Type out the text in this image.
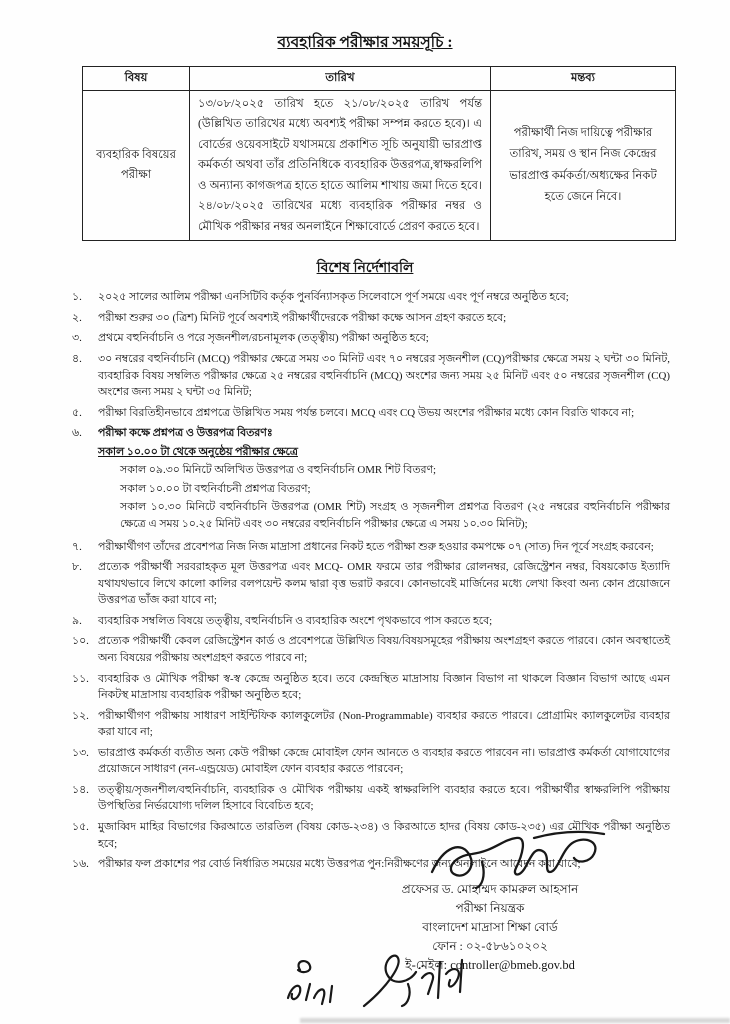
ব্যবহারিক পরীক্ষার সময়সূচি :
বিষয়	তারিখ	মন্তব্য
ব্যবহারিক বিষয়ের পরীক্ষা	১৩/০৮/২০২৫ তারিখ হতে ২১/০৮/২০২৫ তারিখ পর্যন্ত (উল্লিখিত তারিখের মধ্যে অবশ্যই পরীক্ষা সম্পন্ন করতে হবে)। এ বোর্ডের ওয়েবসাইটে যথাসময়ে প্রকাশিত সূচি অনুযায়ী ভারপ্রাপ্ত কর্মকর্তা অথবা তাঁর প্রতিনিধিকে ব্যবহারিক উত্তরপত্র,স্বাক্ষরলিপি ও অন্যান্য কাগজপত্র হাতে হাতে আলিম শাখায় জমা দিতে হবে। ২৪/০৮/২০২৫ তারিখের মধ্যে ব্যবহারিক পরীক্ষার নম্বর ও মৌখিক পরীক্ষার নম্বর অনলাইনে শিক্ষাবোর্ডে প্রেরণ করতে হবে।	পরীক্ষার্থী নিজ দায়িত্বে পরীক্ষার তারিখ, সময় ও স্থান নিজ কেন্দ্রের ভারপ্রাপ্ত কর্মকর্তা/অধ্যক্ষের নিকট হতে জেনে নিবে।
বিশেষ নির্দেশাবলি
১.	২০২৫ সালের আলিম পরীক্ষা এনসিটিবি কর্তৃক পুনর্বিন্যাসকৃত সিলেবাসে পূর্ণ সময়ে এবং পূর্ণ নম্বরে অনুষ্ঠিত হবে;
২.	পরীক্ষা শুরুর ৩০ (ত্রিশ) মিনিট পূর্বে অবশ্যই পরীক্ষার্থীদেরকে পরীক্ষা কক্ষে আসন গ্রহণ করতে হবে;
৩.	প্রথমে বহুনির্বাচনি ও পরে সৃজনশীল/রচনামূলক (তত্ত্বীয়) পরীক্ষা অনুষ্ঠিত হবে;
৪.	৩০ নম্বরের বহুনির্বাচনি (MCQ) পরীক্ষার ক্ষেত্রে সময় ৩০ মিনিট এবং ৭০ নম্বরের সৃজনশীল (CQ)পরীক্ষার ক্ষেত্রে সময় ২ ঘন্টা ৩০ মিনিট, ব্যবহারিক বিষয় সম্বলিত পরীক্ষার ক্ষেত্রে ২৫ নম্বরের বহুনির্বাচনি (MCQ) অংশের জন্য সময় ২৫ মিনিট এবং ৫০ নম্বরের সৃজনশীল (CQ) অংশের জন্য সময় ২ ঘন্টা ৩৫ মিনিট;
৫.	পরীক্ষা বিরতিহীনভাবে প্রশ্নপত্রে উল্লিখিত সময় পর্যন্ত চলবে। MCQ এবং CQ উভয় অংশের পরীক্ষার মধ্যে কোন বিরতি থাকবে না;
৬.	পরীক্ষা কক্ষে প্রশ্নপত্র ও উত্তরপত্র বিতরণঃ
সকাল ১০.০০ টা থেকে অনুষ্ঠেয় পরীক্ষার ক্ষেত্রে
সকাল ০৯.৩০ মিনিটে অলিখিত উত্তরপত্র ও বহুনির্বাচনি OMR শিট বিতরণ;
সকাল ১০.০০ টা বহুনির্বাচনী প্রশ্নপত্র বিতরণ;
সকাল ১০.৩০ মিনিটে বহুনির্বাচনি উত্তরপত্র (OMR শিট) সংগ্রহ ও সৃজনশীল প্রশ্নপত্র বিতরণ (২৫ নম্বরের বহুনির্বাচনি পরীক্ষার ক্ষেত্রে এ সময় ১০.২৫ মিনিট এবং ৩০ নম্বরের বহুনির্বাচনি পরীক্ষার ক্ষেত্রে এ সময় ১০.৩০ মিনিট);
৭.	পরীক্ষার্থীগণ তাঁদের প্রবেশপত্র নিজ নিজ মাদ্রাসা প্রধানের নিকট হতে পরীক্ষা শুরু হওয়ার কমপক্ষে ০৭ (সাত) দিন পূর্বে সংগ্রহ করবেন;
৮.	প্রত্যেক পরীক্ষার্থী সরবরাহকৃত মূল উত্তরপত্র এবং MCQ- OMR ফরমে তার পরীক্ষার রোলনম্বর, রেজিস্ট্রেশন নম্বর, বিষয়কোড ইত্যাদি যথাযথভাবে লিখে কালো কালির বলপয়েন্ট কলম দ্বারা বৃত্ত ভরাট করবে। কোনভাবেই মার্জিনের মধ্যে লেখা কিংবা অন্য কোন প্রয়োজনে উত্তরপত্র ভাঁজ করা যাবে না;
৯.	ব্যবহারিক সম্বলিত বিষয়ে তত্ত্বীয়, বহুনির্বাচনি ও ব্যবহারিক অংশে পৃথকভাবে পাস করতে হবে;
১০. প্রত্যেক পরীক্ষার্থী কেবল রেজিস্ট্রেশন কার্ড ও প্রবেশপত্রে উল্লিখিত বিষয়/বিষয়সমূহের পরীক্ষায় অংশগ্রহণ করতে পারবে। কোন অবস্থাতেই অন্য বিষয়ের পরীক্ষায় অংশগ্রহণ করতে পারবে না;
১১. ব্যবহারিক ও মৌখিক পরীক্ষা স্ব-স্ব কেন্দ্রে অনুষ্ঠিত হবে। তবে কেন্দ্রস্থিত মাদ্রাসায় বিজ্ঞান বিভাগ না থাকলে বিজ্ঞান বিভাগ আছে এমন নিকটস্থ মাদ্রাসায় ব্যবহারিক পরীক্ষা অনুষ্ঠিত হবে;
১২. পরীক্ষার্থীগণ পরীক্ষায় সাধারণ সাইন্টিফিক ক্যালকুলেটর (Non-Programmable) ব্যবহার করতে পারবে। প্রোগ্রামিং ক্যালকুলেটর ব্যবহার করা যাবে না;
১৩. ভারপ্রাপ্ত কর্মকর্তা ব্যতীত অন্য কেউ পরীক্ষা কেন্দ্রে মোবাইল ফোন আনতে ও ব্যবহার করতে পারবেন না। ভারপ্রাপ্ত কর্মকর্তা যোগাযোগের প্রয়োজনে সাধারণ (নন-এন্ড্রয়েড) মোবাইল ফোন ব্যবহার করতে পারবেন;
১৪. তত্ত্বীয়/সৃজনশীল/বহুনির্বাচনি, ব্যবহারিক ও মৌখিক পরীক্ষায় একই স্বাক্ষরলিপি ব্যবহার করতে হবে। পরীক্ষার্থীর স্বাক্ষরলিপি পরীক্ষায় উপস্থিতির নির্ভরযোগ্য দলিল হিসাবে বিবেচিত হবে;
১৫. মুজাব্বিদ মাহির বিভাগের কিরআতে তারতিল (বিষয় কোড-২৩৪) ও কিরআতে হাদর (বিষয় কোড-২৩৫) এর মৌখিক পরীক্ষা অনুষ্ঠিত হবে;
১৬. পরীক্ষার ফল প্রকাশের পর বোর্ড নির্ধারিত সময়ের মধ্যে উত্তরপত্র পুন:নিরীক্ষণের জন্য অনলাইনে আবেদন করা যাবে;
প্রফেসর ড. মোহাম্মদ কামরুল আহসান
পরীক্ষা নিয়ন্ত্রক
বাংলাদেশ মাদ্রাসা শিক্ষা বোর্ড
ফোন : ০২-৫৮৬১০২০২
ই-মেইল: controller@bmeb.gov.bd
